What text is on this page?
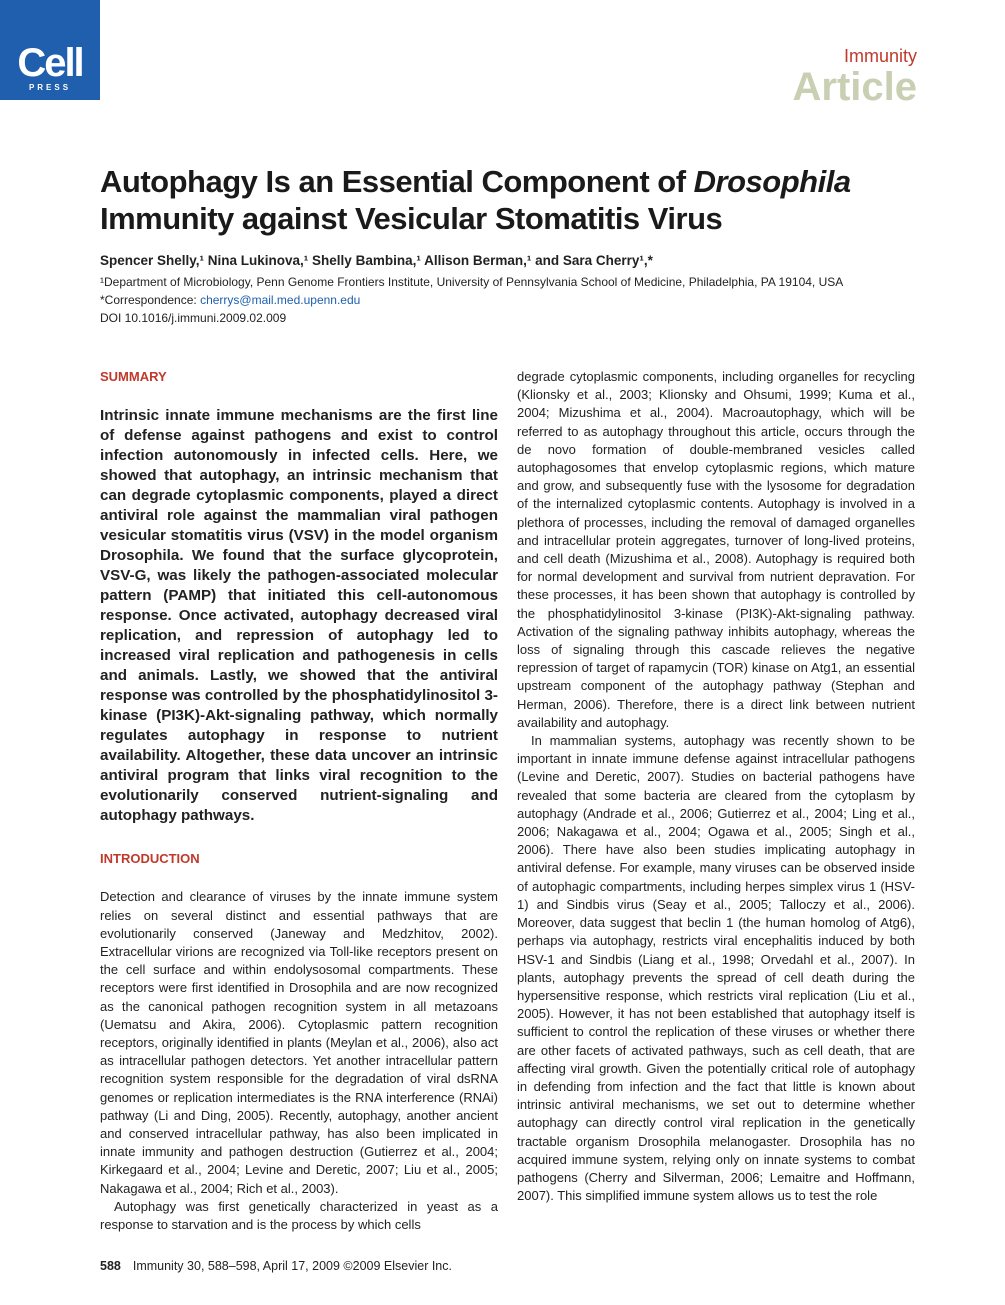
Cell
PRESS
Immunity
Article
Autophagy Is an Essential Component of Drosophila
Immunity against Vesicular Stomatitis Virus
Spencer Shelly,¹ Nina Lukinova,¹ Shelly Bambina,¹ Allison Berman,¹ and Sara Cherry¹,*
¹Department of Microbiology, Penn Genome Frontiers Institute, University of Pennsylvania School of Medicine, Philadelphia, PA 19104, USA
*Correspondence: cherrys@mail.med.upenn.edu
DOI 10.1016/j.immuni.2009.02.009
SUMMARY

Intrinsic innate immune mechanisms are the first line of defense against pathogens and exist to control infection autonomously in infected cells. Here, we showed that autophagy, an intrinsic mechanism that can degrade cytoplasmic components, played a direct antiviral role against the mammalian viral pathogen vesicular stomatitis virus (VSV) in the model organism Drosophila. We found that the surface glycoprotein, VSV-G, was likely the pathogen-associated molecular pattern (PAMP) that initiated this cell-autonomous response. Once activated, autophagy decreased viral replication, and repression of autophagy led to increased viral replication and pathogenesis in cells and animals. Lastly, we showed that the antiviral response was controlled by the phosphatidylinositol 3-kinase (PI3K)-Akt-signaling pathway, which normally regulates autophagy in response to nutrient availability. Altogether, these data uncover an intrinsic antiviral program that links viral recognition to the evolutionarily conserved nutrient-signaling and autophagy pathways.

INTRODUCTION

Detection and clearance of viruses by the innate immune system relies on several distinct and essential pathways that are evolutionarily conserved (Janeway and Medzhitov, 2002). Extracellular virions are recognized via Toll-like receptors present on the cell surface and within endolysosomal compartments. These receptors were first identified in Drosophila and are now recognized as the canonical pathogen recognition system in all metazoans (Uematsu and Akira, 2006). Cytoplasmic pattern recognition receptors, originally identified in plants (Meylan et al., 2006), also act as intracellular pathogen detectors. Yet another intracellular pattern recognition system responsible for the degradation of viral dsRNA genomes or replication intermediates is the RNA interference (RNAi) pathway (Li and Ding, 2005). Recently, autophagy, another ancient and conserved intracellular pathway, has also been implicated in innate immunity and pathogen destruction (Gutierrez et al., 2004; Kirkegaard et al., 2004; Levine and Deretic, 2007; Liu et al., 2005; Nakagawa et al., 2004; Rich et al., 2003).

Autophagy was first genetically characterized in yeast as a response to starvation and is the process by which cells

degrade cytoplasmic components, including organelles for recycling (Klionsky et al., 2003; Klionsky and Ohsumi, 1999; Kuma et al., 2004; Mizushima et al., 2004). Macroautophagy, which will be referred to as autophagy throughout this article, occurs through the de novo formation of double-membraned vesicles called autophagosomes that envelop cytoplasmic regions, which mature and grow, and subsequently fuse with the lysosome for degradation of the internalized cytoplasmic contents. Autophagy is involved in a plethora of processes, including the removal of damaged organelles and intracellular protein aggregates, turnover of long-lived proteins, and cell death (Mizushima et al., 2008). Autophagy is required both for normal development and survival from nutrient depravation. For these processes, it has been shown that autophagy is controlled by the phosphatidylinositol 3-kinase (PI3K)-Akt-signaling pathway. Activation of the signaling pathway inhibits autophagy, whereas the loss of signaling through this cascade relieves the negative repression of target of rapamycin (TOR) kinase on Atg1, an essential upstream component of the autophagy pathway (Stephan and Herman, 2006). Therefore, there is a direct link between nutrient availability and autophagy.

In mammalian systems, autophagy was recently shown to be important in innate immune defense against intracellular pathogens (Levine and Deretic, 2007). Studies on bacterial pathogens have revealed that some bacteria are cleared from the cytoplasm by autophagy (Andrade et al., 2006; Gutierrez et al., 2004; Ling et al., 2006; Nakagawa et al., 2004; Ogawa et al., 2005; Singh et al., 2006). There have also been studies implicating autophagy in antiviral defense. For example, many viruses can be observed inside of autophagic compartments, including herpes simplex virus 1 (HSV-1) and Sindbis virus (Seay et al., 2005; Talloczy et al., 2006). Moreover, data suggest that beclin 1 (the human homolog of Atg6), perhaps via autophagy, restricts viral encephalitis induced by both HSV-1 and Sindbis (Liang et al., 1998; Orvedahl et al., 2007). In plants, autophagy prevents the spread of cell death during the hypersensitive response, which restricts viral replication (Liu et al., 2005). However, it has not been established that autophagy itself is sufficient to control the replication of these viruses or whether there are other facets of activated pathways, such as cell death, that are affecting viral growth. Given the potentially critical role of autophagy in defending from infection and the fact that little is known about intrinsic antiviral mechanisms, we set out to determine whether autophagy can directly control viral replication in the genetically tractable organism Drosophila melanogaster. Drosophila has no acquired immune system, relying only on innate systems to combat pathogens (Cherry and Silverman, 2006; Lemaitre and Hoffmann, 2007). This simplified immune system allows us to test the role

588 Immunity 30, 588–598, April 17, 2009 ©2009 Elsevier Inc.
